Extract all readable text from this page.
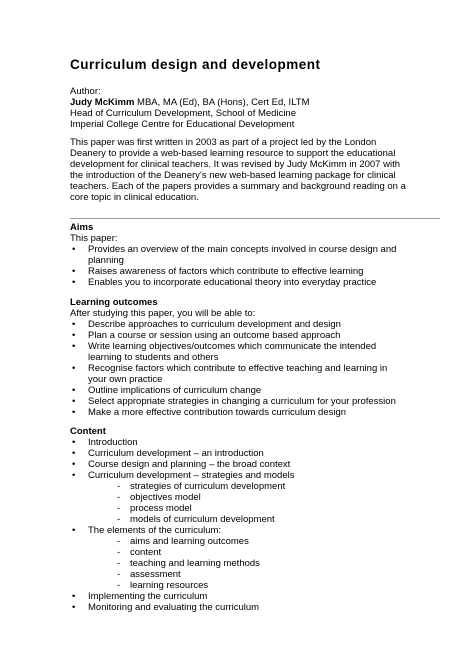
Curriculum design and development
Author:
Judy McKimm MBA, MA (Ed), BA (Hons), Cert Ed, ILTM
Head of Curriculum Development, School of Medicine
Imperial College Centre for Educational Development
This paper was first written in 2003 as part of a project led by the London
Deanery to provide a web-based learning resource to support the educational
development for clinical teachers. It was revised by Judy McKimm in 2007 with
the introduction of the Deanery’s new web-based learning package for clinical
teachers. Each of the papers provides a summary and background reading on a
core topic in clinical education.
Aims
This paper:
• Provides an overview of the main concepts involved in course design and
planning
• Raises awareness of factors which contribute to effective learning
• Enables you to incorporate educational theory into everyday practice
Learning outcomes
After studying this paper, you will be able to:
• Describe approaches to curriculum development and design
• Plan a course or session using an outcome based approach
• Write learning objectives/outcomes which communicate the intended
learning to students and others
• Recognise factors which contribute to effective teaching and learning in
your own practice
• Outline implications of curriculum change
• Select appropriate strategies in changing a curriculum for your profession
• Make a more effective contribution towards curriculum design
Content
• Introduction
• Curriculum development – an introduction
• Course design and planning – the broad context
• Curriculum development – strategies and models
- strategies of curriculum development
- objectives model
- process model
- models of curriculum development
• The elements of the curriculum:
- aims and learning outcomes
- content
- teaching and learning methods
- assessment
- learning resources
• Implementing the curriculum
• Monitoring and evaluating the curriculum
